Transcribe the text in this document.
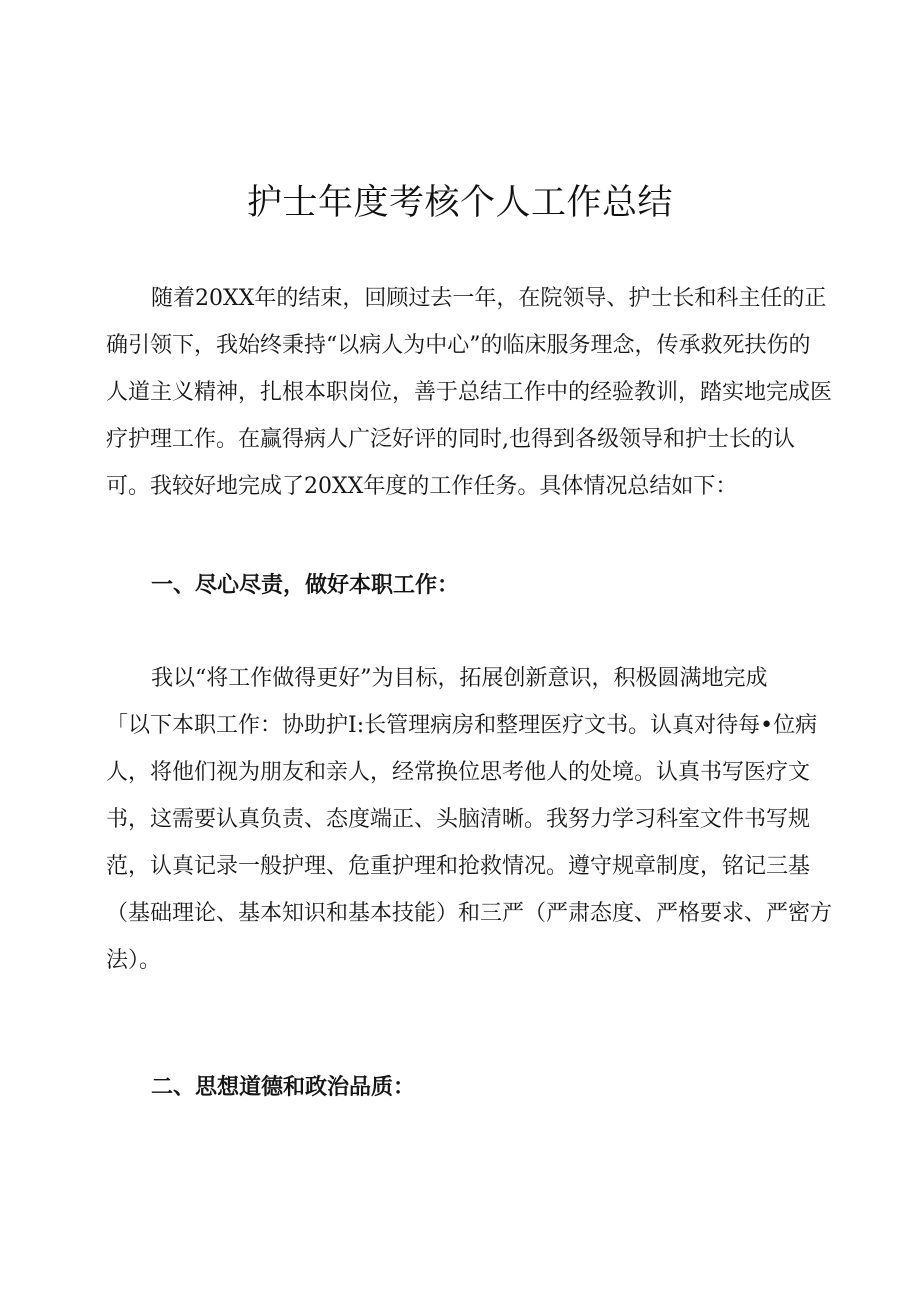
护士年度考核个人工作总结
随着20XX年的结束，回顾过去一年，在院领导、护士长和科主任的正
确引领下，我始终秉持“以病人为中心”的临床服务理念，传承救死扶伤的
人道主义精神，扎根本职岗位，善于总结工作中的经验教训，踏实地完成医
疗护理工作。在赢得病人广泛好评的同时,也得到各级领导和护士长的认
可。我较好地完成了20XX年度的工作任务。具体情况总结如下：
一、尽心尽责，做好本职工作：
我以“将工作做得更好”为目标，拓展创新意识，积极圆满地完成
「以下本职工作：协助护I:长管理病房和整理医疗文书。认真对待每•位病
人，将他们视为朋友和亲人，经常换位思考他人的处境。认真书写医疗文
书，这需要认真负责、态度端正、头脑清晰。我努力学习科室文件书写规
范，认真记录一般护理、危重护理和抢救情况。遵守规章制度，铭记三基
（基础理论、基本知识和基本技能）和三严（严肃态度、严格要求、严密方
法）。
二、思想道德和政治品质：
